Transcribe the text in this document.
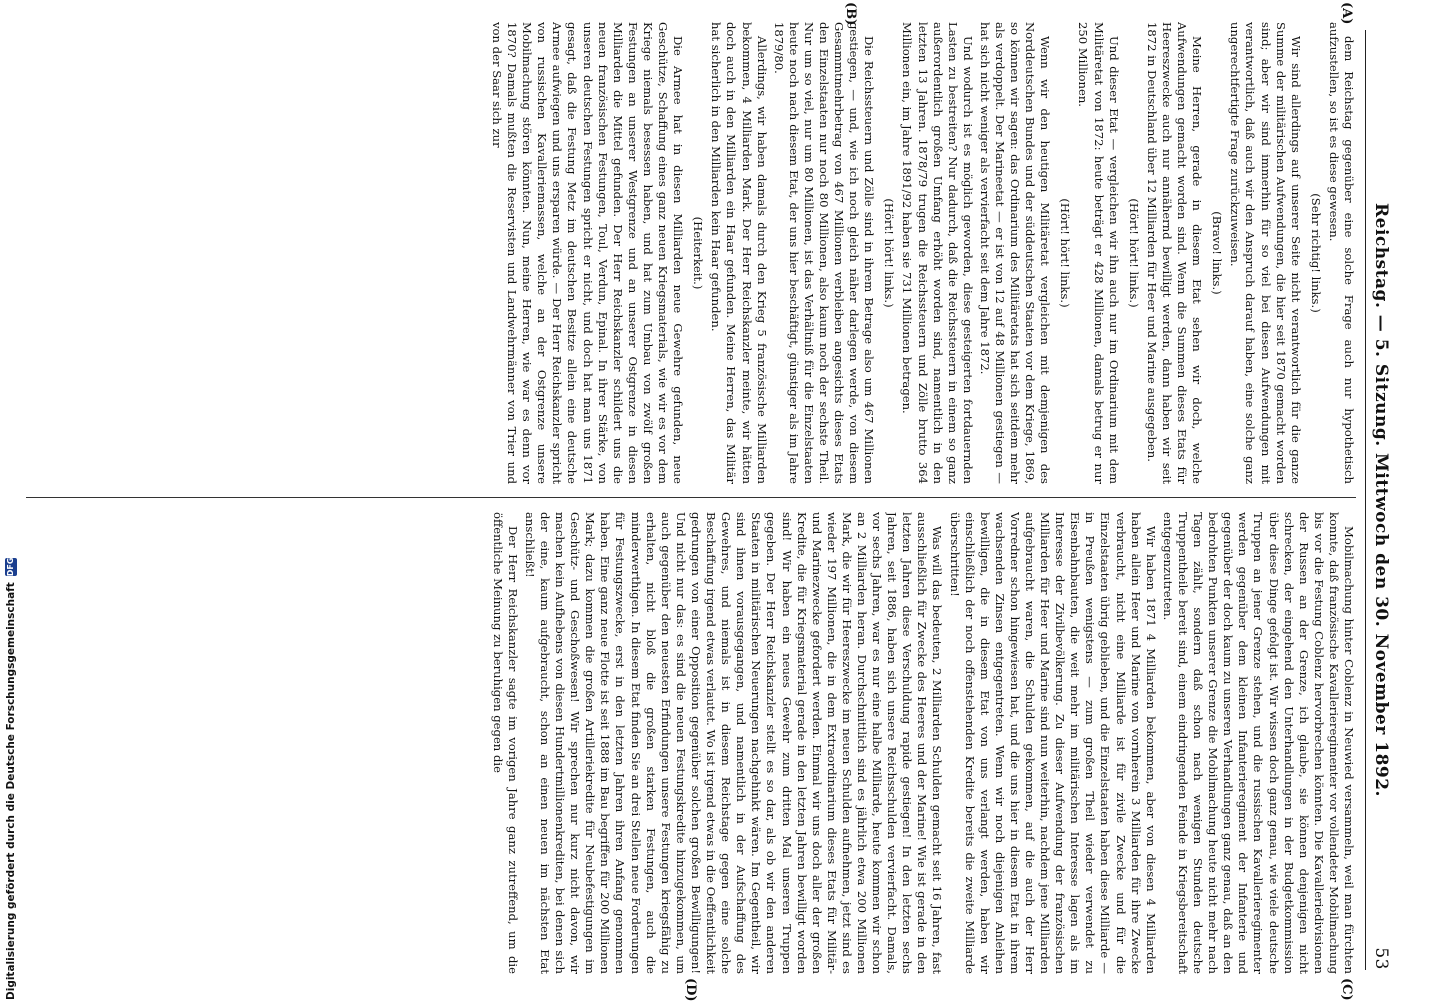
Reichstag. — 5. Sitzung. Mittwoch den 30. November 1892.
53
(A)
(B)
(C)
(D)

dem Reichstag gegenüber eine solche Frage auch nur hypothetisch aufzustellen, so ist es diese gewesen.

(Sehr richtig! links.)

Wir sind allerdings auf unserer Seite nicht verantwortlich für die ganze Summe der militärischen Aufwendungen, die hier seit 1870 gemacht worden sind; aber wir sind immerhin für so viel bei diesen Aufwendungen mit verantwortlich, daß auch wir den Anspruch darauf haben, eine solche ganz ungerechtfertigte Frage zurückzuweisen.

(Bravo! links.)

Meine Herren, gerade in diesem Etat sehen wir doch, welche Aufwendungen gemacht worden sind. Wenn die Summen dieses Etats für Heereszwecke auch nur annähernd bewilligt werden, dann haben wir seit 1872 in Deutschland über 12 Milliarden für Heer und Marine ausgegeben.

(Hört! hört! links.)

Und dieser Etat — vergleichen wir ihn auch nur im Ordinarium mit dem Militäretat von 1872: heute beträgt er 428 Millionen, damals betrug er nur 250 Millionen.

(Hört! hört! links.)

Wenn wir den heutigen Militäretat vergleichen mit demjenigen des Norddeutschen Bundes und der süddeutschen Staaten vor dem Kriege, 1869, so können wir sagen: das Ordinarium des Militäretats hat sich seitdem mehr als verdoppelt. Der Marineetat — er ist von 12 auf 48 Millionen gestiegen — hat sich nicht weniger als vervierfacht seit dem Jahre 1872.

Und wodurch ist es möglich geworden, diese gesteigerten fortdauernden Lasten zu bestreiten? Nur dadurch, daß die Reichssteuern in einem so ganz außerordentlich großen Umfang erhöht worden sind, namentlich in den letzten 13 Jahren. 1878/79 trugen die Reichssteuern und Zölle brutto 364 Millionen ein, im Jahre 1891/92 haben sie 731 Millionen betragen.

(Hört! hört! links.)

Die Reichssteuern und Zölle sind in ihrem Betrage also um 467 Millionen gestiegen, — und, wie ich noch gleich näher darlegen werde, von diesem Gesammtmehrbetrag von 467 Millionen verbleiben angesichts dieses Etats den Einzelstaaten nur noch 80 Millionen, also kaum noch der sechste Theil. Nur um so viel, nur um 80 Millionen, ist das Verhältniß für die Einzelstaaten heute noch nach diesem Etat, der uns hier beschäftigt, günstiger als im Jahre 1879/80.

Allerdings, wir haben damals durch den Krieg 5 französische Milliarden bekommen, 4 Milliarden Mark. Der Herr Reichskanzler meinte, wir hätten doch auch in den Milliarden ein Haar gefunden. Meine Herren, das Militär hat sicherlich in den Milliarden kein Haar gefunden.

(Heiterkeit.)

Die Armee hat in diesen Milliarden neue Gewehre gefunden, neue Geschütze, Schaffung eines ganz neuen Kriegsmaterials, wie wir es vor dem Kriege niemals besessen haben, und hat zum Umbau von zwölf großen Festungen an unserer Westgrenze und an unserer Ostgrenze in diesen Milliarden die Mittel gefunden. Der Herr Reichskanzler schildert uns die neuen französischen Festungen, Toul, Verdun, Epinal. In ihrer Stärke, von unseren deutschen Festungen spricht er nicht, und doch hat man uns 1871 gesagt, daß die Festung Metz im deutschen Besitze allein eine deutsche Armee aufwiegen und uns ersparen würde. — Der Herr Reichskanzler spricht von russischen Kavalleriemassen, welche an der Ostgrenze unsere Mobilmachung stören könnten. Nun, meine Herren, wie war es denn vor 1870? Damals mußten die Reservisten und Landwehrmänner von Trier und von der Saar sich zur

Mobilmachung hinter Coblenz in Neuwied versammeln, weil man fürchten konnte, daß französische Kavallerieregimenter vor vollendeter Mobilmachung bis vor die Festung Coblenz hervorbrechen könnten. Die Kavalleriedivisionen der Russen an der Grenze, ich glaube, sie können denjenigen nicht schrecken, der eingehend den Unterhandlungen in der Budgetkommission über diese Dinge gefolgt ist. Wir wissen doch ganz genau, wie viele deutsche Truppen an jener Grenze stehen, und die russischen Kavallerieregimenter werden gegenüber dem kleinen Infanterieregiment der Infanterie und gegenüber der doch kaum zu unseren Verhandlungen ganz genau, daß an den bedrohten Punkten unserer Grenze die Mobilmachung heute nicht mehr nach Tagen zählt, sondern daß schon nach wenigen Stunden deutsche Truppentheile bereit sind, einem eindringenden Feinde in Kriegsbereitschaft entgegenzutreten.

Wir haben 1871 4 Milliarden bekommen, aber von diesen 4 Milliarden haben allein Heer und Marine von vornherein 3 Milliarden für ihre Zwecke verbraucht, nicht eine Milliarde ist für zivile Zwecke und für die Einzelstaaten übrig geblieben, und die Einzelstaaten haben diese Milliarde — in Preußen wenigstens — zum großen Theil wieder verwendet zu Eisenbahnbauten, die weit mehr im militärischen Interesse lagen als im Interesse der Zivilbevölkerung. Zu dieser Aufwendung der französischen Milliarden für Heer und Marine sind nun weiterhin, nachdem jene Milliarden aufgebraucht waren, die Schulden gekommen, auf die auch der Herr Vorredner schon hingewiesen hat, und die uns hier in diesem Etat in ihrem wachsenden Zinsen entgegentreten. Wenn wir noch diejenigen Anleihen bewilligen, die in diesem Etat von uns verlangt werden, haben wir einschließlich der noch offenstehenden Kredite bereits die zweite Milliarde überschritten!

Was will das bedeuten, 2 Milliarden Schulden gemacht seit 16 Jahren, fast ausschließlich für Zwecke des Heeres und der Marine! Wie ist gerade in den letzten Jahren diese Verschuldung rapide gestiegen! In den letzten sechs Jahren, seit 1886, haben sich unsere Reichsschulden vervierfacht. Damals, vor sechs Jahren, war es nur eine halbe Milliarde, heute kommen wir schon an 2 Milliarden heran. Durchschnittlich sind es jährlich etwa 200 Millionen Mark, die wir für Heereszwecke im neuen Schulden aufnehmen, jetzt sind es wieder 197 Millionen, die in dem Extraordinarium dieses Etats für Militär- und Marinezwecke gefordert werden. Einmal wir uns doch aller der großen Kredite, die für Kriegsmaterial gerade in den letzten Jahren bewilligt worden sind! Wir haben ein neues Gewehr zum dritten Mal unseren Truppen gegeben. Der Herr Reichskanzler stellt es so dar, als ob wir den anderen Staaten in militärischen Neuerungen nachgehinkt wären. Im Gegentheil, wir sind ihnen vorausgegangen, und namentlich in der Aufschaffung des Gewehres, und niemals ist in diesem Reichstage gegen eine solche Beschaffung irgend etwas verlautet. Wo ist irgend etwas in die Oeffentlichkeit gedrungen von einer Opposition gegenüber solchen großen Bewilligungen! Und nicht nur das: es sind die neuen Festungskredite hinzugekommen, um auch gegenüber den neuesten Erfindungen unsere Festungen kriegsfähig zu erhalten, nicht bloß die großen starken Festungen, auch die minderwerthigen. In diesem Etat finden Sie an drei Stellen neue Forderungen für Festungszwecke, erst in den letzten Jahren ihren Anfang genommen haben. Eine ganz neue Flotte ist seit 1888 im Bau begriffen für 200 Millionen Mark; dazu kommen die großen Artilleriekredite für Neubefestigungen im Geschütz- und Geschoßwesen! Wir sprechen nur kurz nicht davon, wir machen kein Aufhebens von diesen Hundertmillionenkrediten, bei denen sich der eine, kaum aufgebraucht, schon an einen neuen im nächsten Etat anschließt!

Der Herr Reichskanzler sagte im vorigen Jahre ganz zutreffend, um die öffentliche Meinung zu beruhigen gegen die

Digitalisierung gefördert durch die Deutsche Forschungsgemeinschaft
DFG
